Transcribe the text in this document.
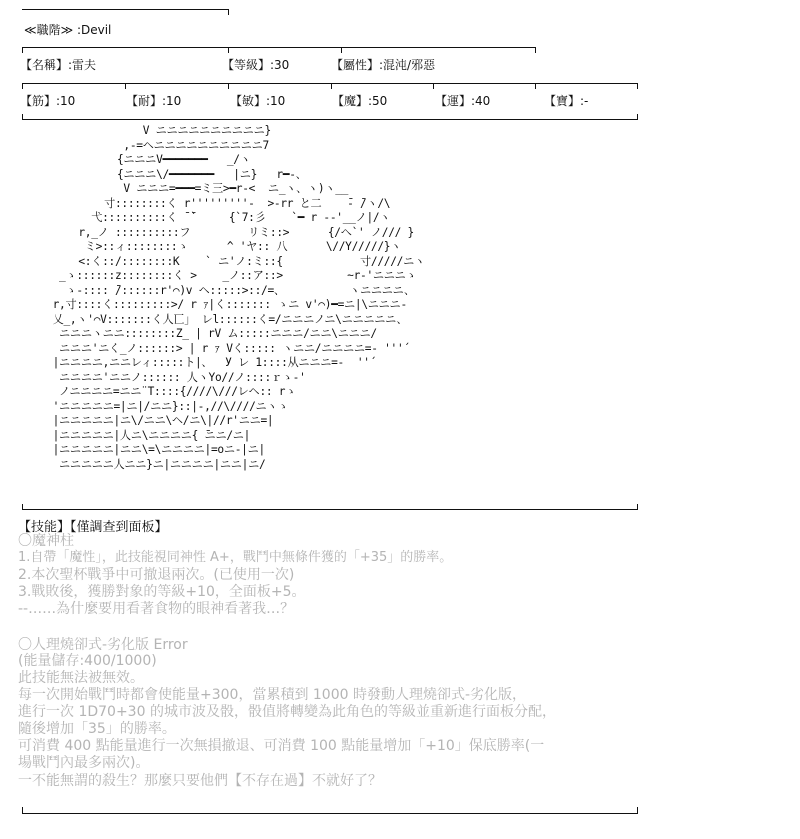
≪職階≫ :Devil
【名稱】:雷夫	【等級】:30	【屬性】:混沌/邪惡
【筋】:10	【耐】:10	【敏】:10	【魔】:50	【運】:40	【寶】:-
V ニニニニニニニニニニ}
,-=ヘニニニニニニニニニニ7
{ニニニV━━━━━━━   _/ヽ
{ニニニ\/━━━━━━━   |ニ}   r━-、
V ニニニ=━━━=ミ三>━r-<  ニ_ヽ、ヽ)ヽ__
寸::::::::く r'''''''''-  >-rr と二    ̄- ̄/ヽ/\
弋::::::::::く ̄ ̄`     {`7:彡    `━ r --'__ノ|/ヽ
r,_ノ ::::::::::フ         リミ::>      {/へ`' ノ/// }
ミ>::ィ::::::::ゝ      ^ 'ヤ:: 八      \//Y/////}ヽ
<:く::/::::::::K    ` ニ'ノ:ミ::{            寸/////ニヽ
_ゝ::::::z::::::::く >    _ノ::ア::>          ~r-'ニニニゝ
ゝ-:::: ̄/::::::r'⌒)v ヘ:::::>::/=、          ヽニニニニ、
r,寸::::く:::::::::>/ r ｧ|く::::::: ゝニ v'⌒)━=ニ|\ニニニ-
乂_,ヽ'⌒V:::::::く人匸」 レl::::::く=/ニニニノニ\ニニニニニ、
ニニニヽニニ::::::::Z_ | rV ム:::::ニニニ/ニニ\ニニニ/
ニニニ'ニく_ノ::::::> | r ｧ Vく::::: ヽニニ/ニニニニ=- '''´
|ニニニニ,ニニレィ:::::ト|、  У レ 1::::从ニニニ=-  ''´
ニニニニ'ニニノ:::::: 人ヽYo//ノ::::ｒゝ-'
ノニニニニ=ニニ¨T::::{////\///レヘ:: rゝ
'ニニニニニ=|ニ|/ニニ}::|-,//\////ニヽゝ
|ニニニニニ|ニ\/ニニ\ヘ/ニ\|//r'ニニ=|
|ニニニニニ|人ニ\ニニニニ{ ̄ニニ/ニ|
|ニニニニニ|ニニ\=\ニニニニ|=oニ-|ニ|
ニニニニニ人ニニ}ニ|ニニニニ|ニニ|ニ/
【技能】【僅調查到面板】
〇魔神柱
1.自帶「魔性」，此技能視同神性 A+，戰鬥中無條件獲的「+35」的勝率。
2.本次聖杯戰爭中可撤退兩次。(已使用一次)
3.戰敗後，獲勝對象的等級+10，全面板+5。
--……為什麼要用看著食物的眼神看著我…？
〇人理燒卻式-劣化版 Error
(能量儲存:400/1000)
此技能無法被無效。
每一次開始戰鬥時都會使能量+300，當累積到 1000 時發動人理燒卻式-劣化版，
進行一次 1D70+30 的城市波及骰，骰值將轉變為此角色的等級並重新進行面板分配，
隨後增加「35」的勝率。
可消費 400 點能量進行一次無損撤退、可消費 100 點能量增加「+10」保底勝率(一
場戰鬥內最多兩次)。
一不能無謂的殺生？那麼只要他們【不存在過】不就好了？
